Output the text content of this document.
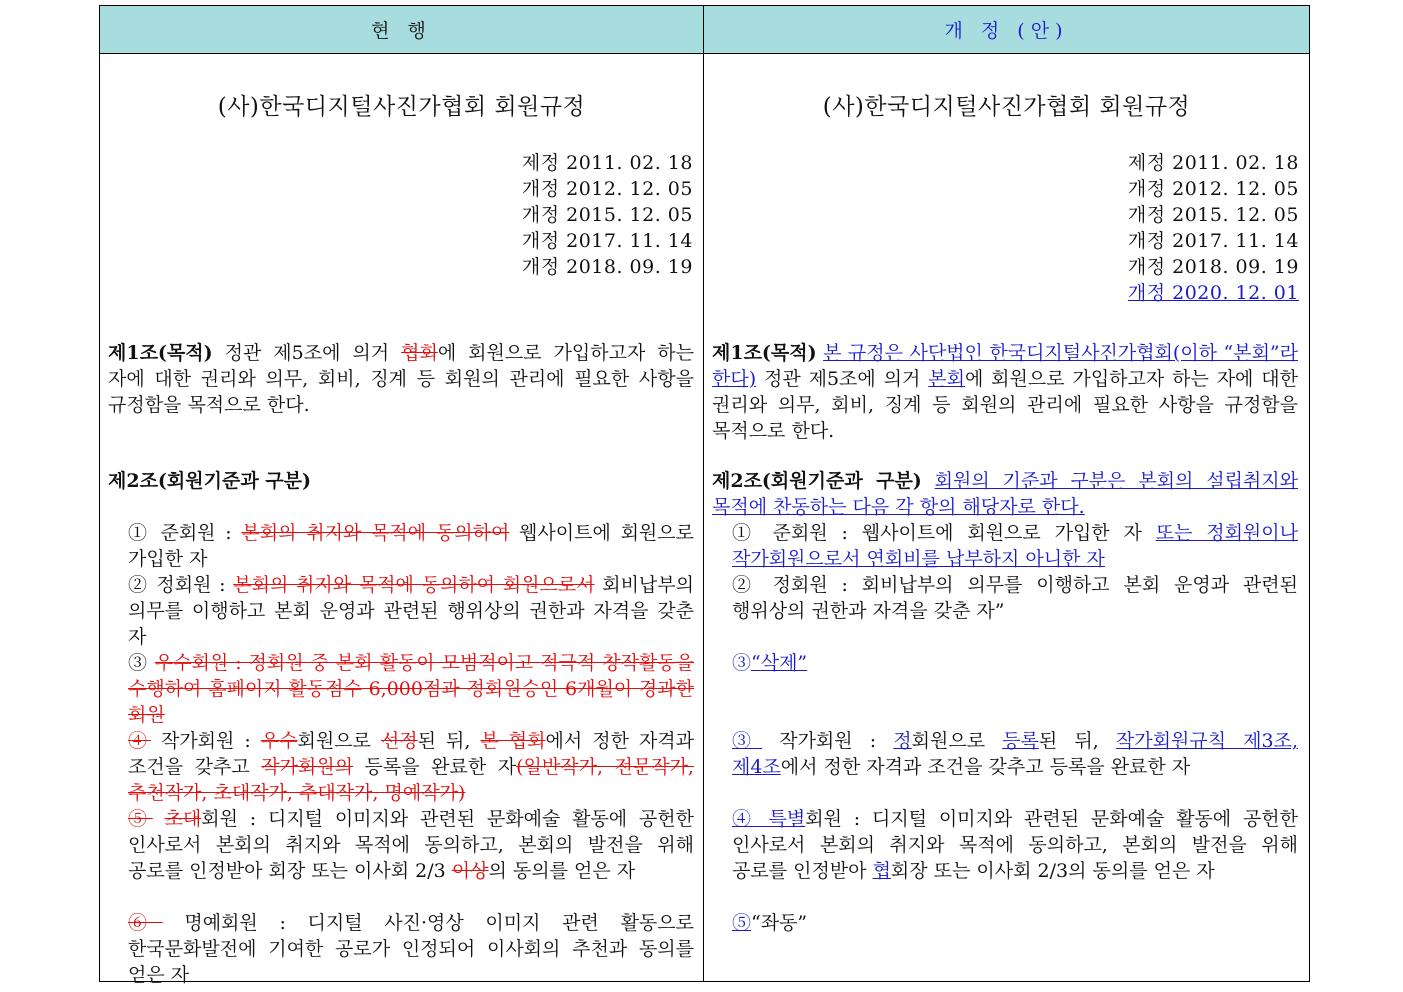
현 행	개 정 (안)
(사)한국디지털사진가협회 회원규정
제정 2011. 02. 18
개정 2012. 12. 05
개정 2015. 12. 05
개정 2017. 11. 14
개정 2018. 09. 19
제1조(목적) 정관 제5조에 의거 협회에 회원으로 가입하고자 하는 자에 대한 권리와 의무, 회비, 징계 등 회원의 관리에 필요한 사항을 규정함을 목적으로 한다.
제2조(회원기준과 구분)
① 준회원 : 본회의 취지와 목적에 동의하여 웹사이트에 회원으로 가입한 자
② 정회원 : 본회의 취지와 목적에 동의하여 회원으로서 회비납부의 의무를 이행하고 본회 운영과 관련된 행위상의 권한과 자격을 갖춘 자
③ 우수회원 : 정회원 중 본회 활동이 모범적이고 적극적 창작활동을 수행하여 홈페이지 활동점수 6,000점과 정회원승인 6개월이 경과한 회원
④ 작가회원 : 우수회원으로 선정된 뒤, 본 협회에서 정한 자격과 조건을 갖추고 작가회원의 등록을 완료한 자(일반작가, 전문작가, 추천작가, 초대작가, 추대작가, 명예작가)
⑤ 초대회원 : 디지털 이미지와 관련된 문화예술 활동에 공헌한 인사로서 본회의 취지와 목적에 동의하고, 본회의 발전을 위해 공로를 인정받아 회장 또는 이사회 2/3 이상의 동의를 얻은 자
⑥ 명예회원 : 디지털 사진·영상 이미지 관련 활동으로 한국문화발전에 기여한 공로가 인정되어 이사회의 추천과 동의를 얻은 자
(사)한국디지털사진가협회 회원규정
제정 2011. 02. 18
개정 2012. 12. 05
개정 2015. 12. 05
개정 2017. 11. 14
개정 2018. 09. 19
개정 2020. 12. 01
제1조(목적) 본 규정은 사단법인 한국디지털사진가협회(이하 “본회”라 한다) 정관 제5조에 의거 본회에 회원으로 가입하고자 하는 자에 대한 권리와 의무, 회비, 징계 등 회원의 관리에 필요한 사항을 규정함을 목적으로 한다.
제2조(회원기준과 구분) 회원의 기준과 구분은 본회의 설립취지와 목적에 찬동하는 다음 각 항의 해당자로 한다.
① 준회원 : 웹사이트에 회원으로 가입한 자 또는 정회원이나 작가회원으로서 연회비를 납부하지 아니한 자
② 정회원 : 회비납부의 의무를 이행하고 본회 운영과 관련된 행위상의 권한과 자격을 갖춘 자”
③“삭제”
③ 작가회원 : 정회원으로 등록된 뒤, 작가회원규칙 제3조, 제4조에서 정한 자격과 조건을 갖추고 등록을 완료한 자
④ 특별회원 : 디지털 이미지와 관련된 문화예술 활동에 공헌한 인사로서 본회의 취지와 목적에 동의하고, 본회의 발전을 위해 공로를 인정받아 협회장 또는 이사회 2/3의 동의를 얻은 자
⑤“좌동”
